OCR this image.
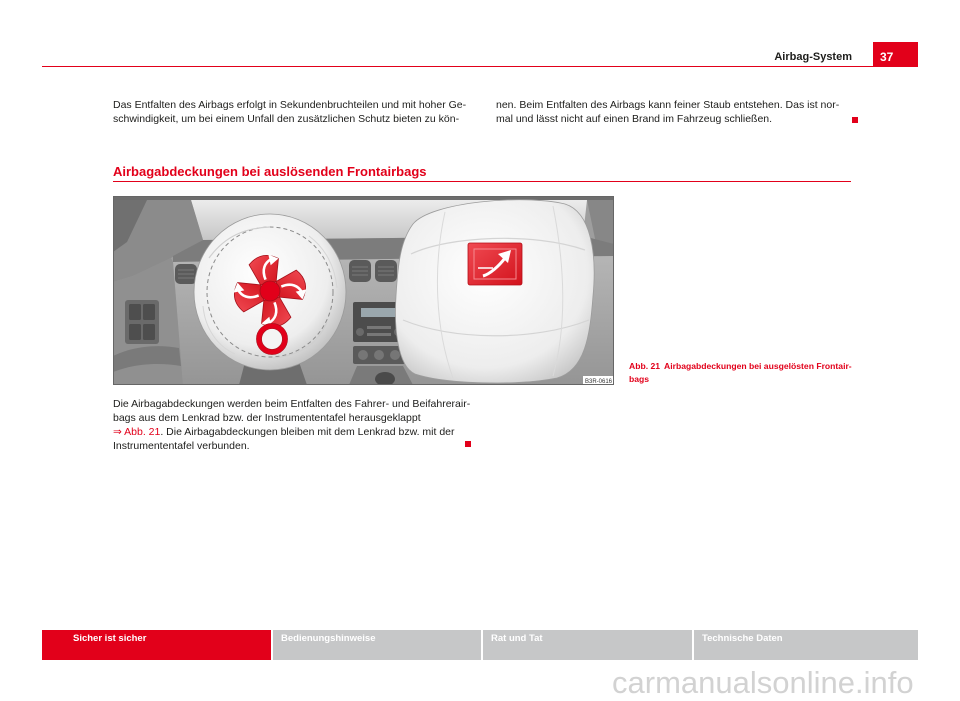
Airbag-System	37
Das Entfalten des Airbags erfolgt in Sekundenbruchteilen und mit hoher Ge-
schwindigkeit, um bei einem Unfall den zusätzlichen Schutz bieten zu kön-
nen. Beim Entfalten des Airbags kann feiner Staub entstehen. Das ist nor-
mal und lässt nicht auf einen Brand im Fahrzeug schließen.
Airbagabdeckungen bei auslösenden Frontairbags
B3R-0616
Abb. 21 Airbagabdeckungen bei ausgelösten Frontair-
bags
Die Airbagabdeckungen werden beim Entfalten des Fahrer- und Beifahrerair-
bags aus dem Lenkrad bzw. der Instrumententafel herausgeklappt
⇒ Abb. 21. Die Airbagabdeckungen bleiben mit dem Lenkrad bzw. mit der
Instrumententafel verbunden.
Sicher ist sicher	Bedienungshinweise	Rat und Tat	Technische Daten
carmanualsonline.info
